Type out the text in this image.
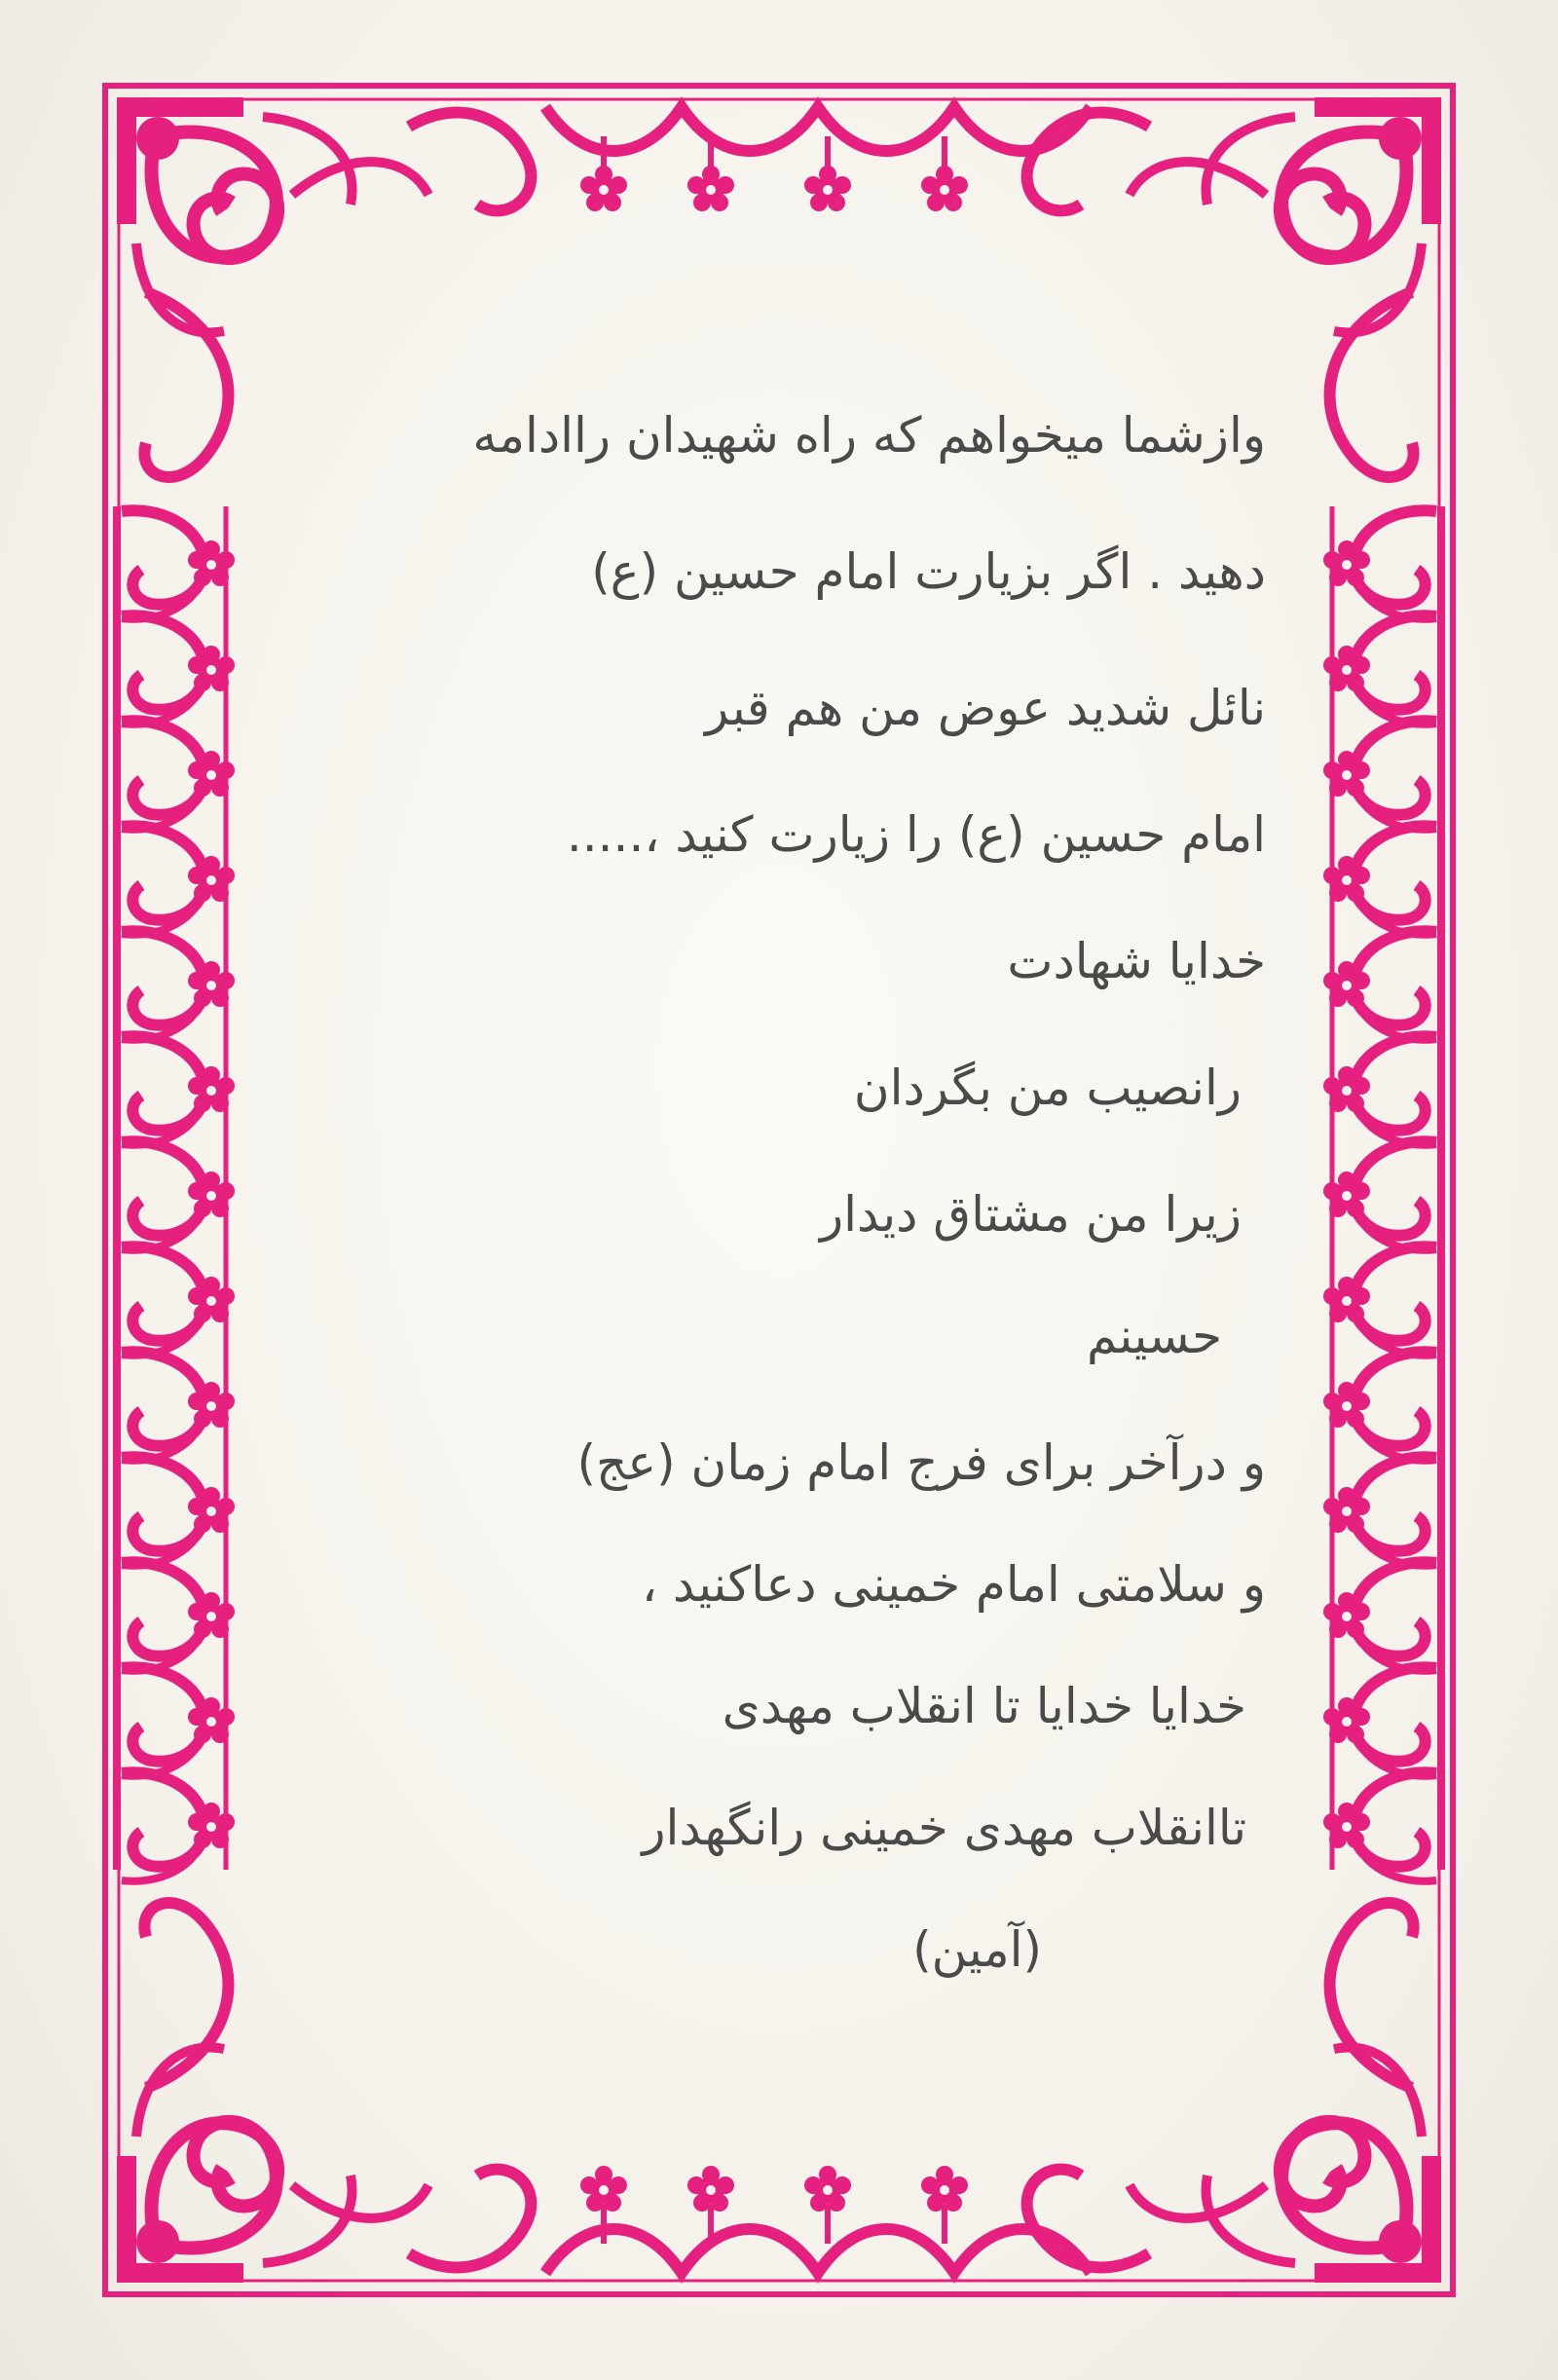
وازشما میخواهم که راه شهیدان راادامه
دهید . اگر بزیارت امام حسین (ع)
نائل شدید عوض من هم قبر
امام حسین (ع) را زیارت کنید ،.....
خدایا شهادت
رانصیب من بگردان
زیرا من مشتاق دیدار
حسینم
و درآخر برای فرج امام زمان (عج)
و سلامتی امام خمینی دعاکنید ،
خدایا خدایا تا انقلاب مهدی
تاانقلاب مهدی خمینی رانگهدار
(آمین)
